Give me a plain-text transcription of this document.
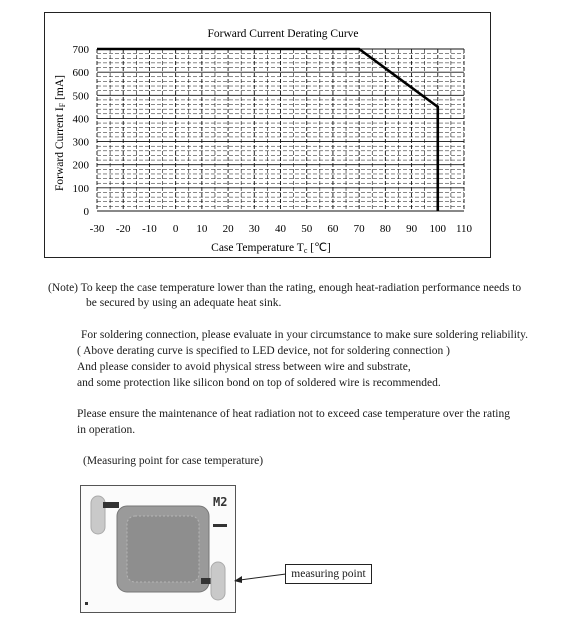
Forward Current Derating Curve
-30 -20 -10 0 10 20 30 40 50 60 70 80 90 100 110
0
100
200
300
400
500
600
700
Case Temperature Tc [℃]
Forward Current IF [mA]
(Note) To keep the case temperature lower than the rating, enough heat-radiation performance needs to
be secured by using an adequate heat sink.
For soldering connection, please evaluate in your circumstance to make sure soldering reliability.
( Above derating curve is specified to LED device, not for soldering connection )
And please consider to avoid physical stress between wire and substrate,
and some protection like silicon bond on top of soldered wire is recommended.
Please ensure the maintenance of heat radiation not to exceed case temperature over the rating
in operation.
(Measuring point for case temperature)
M2
measuring point
